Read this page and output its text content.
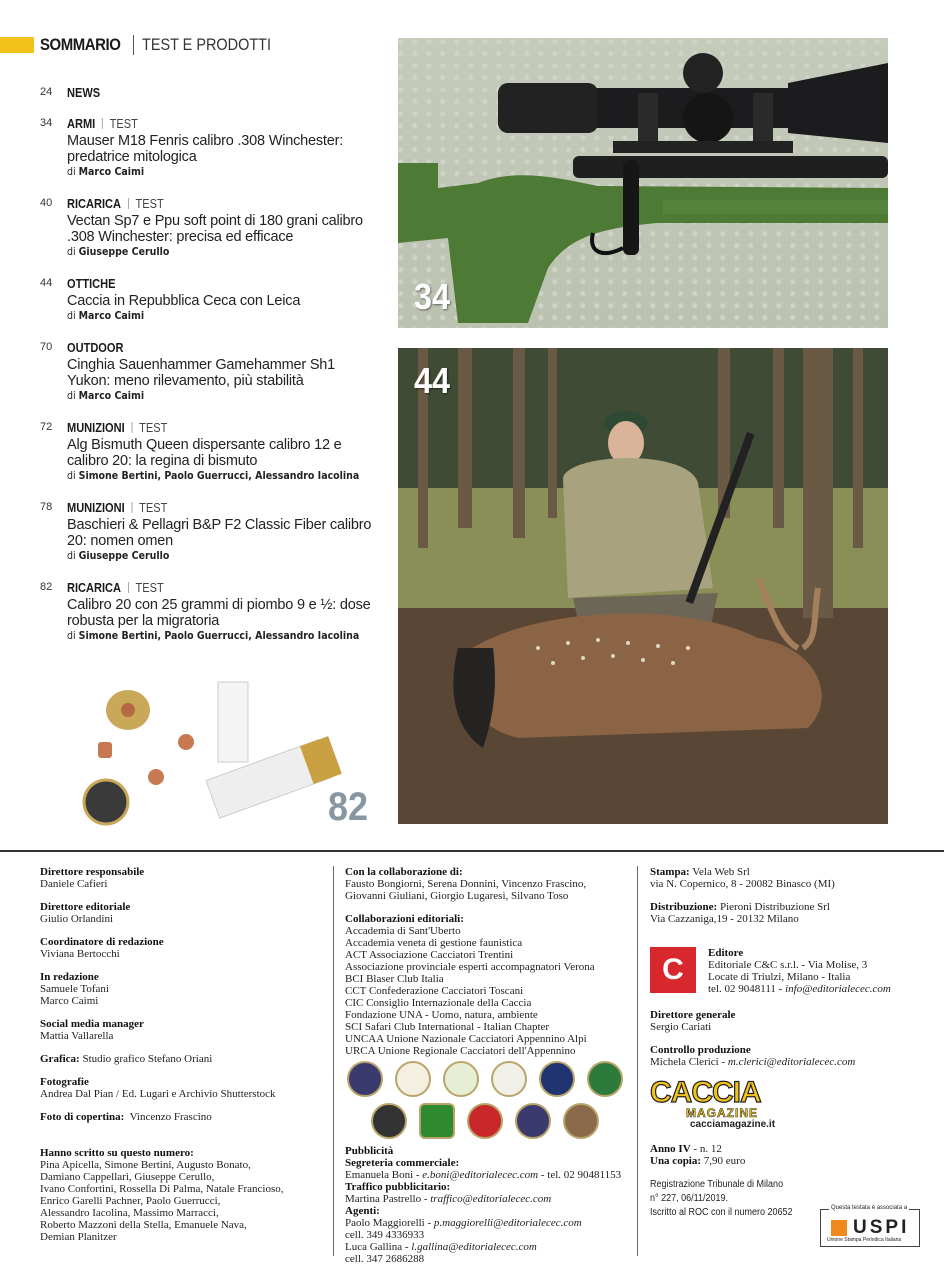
SOMMARIO TEST E PRODOTTI
24 NEWS
34 ARMI TEST
Mauser M18 Fenris calibro .308 Winchester: predatrice mitologica
di Marco Caimi
40 RICARICA TEST
Vectan Sp7 e Ppu soft point di 180 grani calibro .308 Winchester: precisa ed efficace
di Giuseppe Cerullo
44 OTTICHE
Caccia in Repubblica Ceca con Leica
di Marco Caimi
70 OUTDOOR
Cinghia Sauenhammer Gamehammer Sh1 Yukon: meno rilevamento, più stabilità
di Marco Caimi
72 MUNIZIONI TEST
Alg Bismuth Queen dispersante calibro 12 e calibro 20: la regina di bismuto
di Simone Bertini, Paolo Guerrucci, Alessandro Iacolina
78 MUNIZIONI TEST
Baschieri & Pellagri B&P F2 Classic Fiber calibro 20: nomen omen
di Giuseppe Cerullo
82 RICARICA TEST
Calibro 20 con 25 grammi di piombo 9 e ½: dose robusta per la migratoria
di Simone Bertini, Paolo Guerrucci, Alessandro Iacolina
34
44
82
Direttore responsabile
Daniele Cafieri
Direttore editoriale
Giulio Orlandini
Coordinatore di redazione
Viviana Bertocchi
In redazione
Samuele Tofani
Marco Caimi
Social media manager
Mattia Vallarella
Grafica: Studio grafico Stefano Oriani
Fotografie
Andrea Dal Pian / Ed. Lugari e Archivio Shutterstock
Foto di copertina: Vincenzo Frascino
Hanno scritto su questo numero:
Pina Apicella, Simone Bertini, Augusto Bonato,
Damiano Cappellari, Giuseppe Cerullo,
Ivano Confortini, Rossella Di Palma, Natale Francioso,
Enrico Garelli Pachner, Paolo Guerrucci,
Alessandro Iacolina, Massimo Marracci,
Roberto Mazzoni della Stella, Emanuele Nava,
Demian Planitzer
Con la collaborazione di:
Fausto Bongiorni, Serena Donnini, Vincenzo Frascino,
Giovanni Giuliani, Giorgio Lugaresi, Silvano Toso
Collaborazioni editoriali:
Accademia di Sant'Uberto
Accademia veneta di gestione faunistica
ACT Associazione Cacciatori Trentini
Associazione provinciale esperti accompagnatori Verona
BCI Blaser Club Italia
CCT Confederazione Cacciatori Toscani
CIC Consiglio Internazionale della Caccia
Fondazione UNA - Uomo, natura, ambiente
SCI Safari Club International - Italian Chapter
UNCAA Unione Nazionale Cacciatori Appennino Alpi
URCA Unione Regionale Cacciatori dell'Appennino
Pubblicità
Segreteria commerciale:
Emanuela Boni - e.boni@editorialecec.com - tel. 02 90481153
Traffico pubblicitario:
Martina Pastrello - traffico@editorialecec.com
Agenti:
Paolo Maggiorelli - p.maggiorelli@editorialecec.com
cell. 349 4336933
Luca Gallina - l.gallina@editorialecec.com
cell. 347 2686288
Stampa: Vela Web Srl
via N. Copernico, 8 - 20082 Binasco (MI)
Distribuzione: Pieroni Distribuzione Srl
Via Cazzaniga,19 - 20132 Milano
C	Editore
Editoriale C&C s.r.l. - Via Molise, 3
Locate di Triulzi, Milano - Italia
tel. 02 9048111 - info@editorialecec.com
Direttore generale
Sergio Cariati
Controllo produzione
Michela Clerici - m.clerici@editorialecec.com
CACCIA
MAGAZINE
cacciamagazine.it
Anno IV - n. 12
Una copia: 7,90 euro
Registrazione Tribunale di Milano
n° 227, 06/11/2019.
Iscritto al ROC con il numero 20652	Questa testata è associata a
USPI
Unione Stampa Periodica Italiana
